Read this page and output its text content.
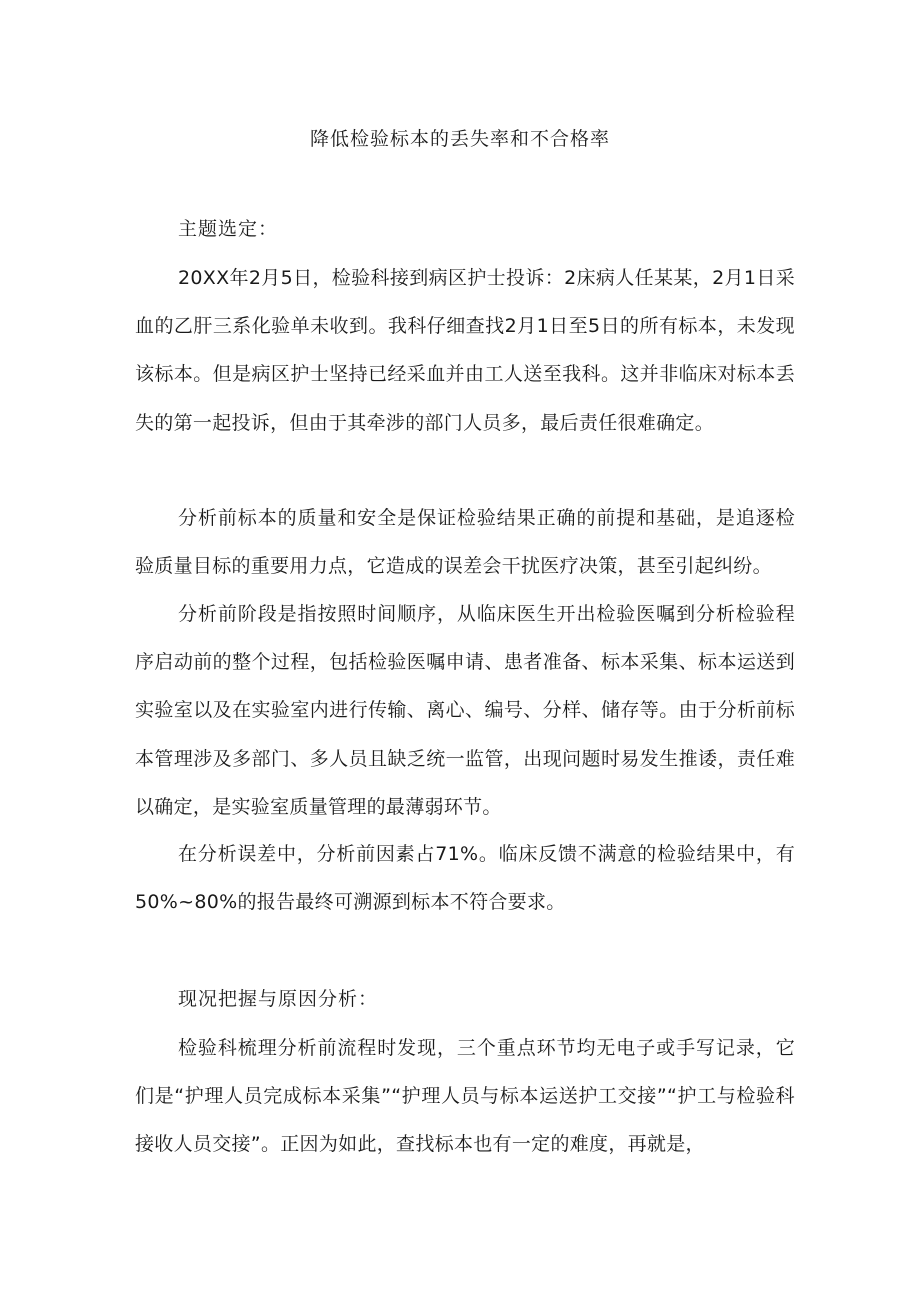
降低检验标本的丢失率和不合格率
主题选定：

20XX年2月5日，检验科接到病区护士投诉：2床病人任某某，2月1日采血的乙肝三系化验单未收到。我科仔细查找2月1日至5日的所有标本，未发现该标本。但是病区护士坚持已经采血并由工人送至我科。这并非临床对标本丢失的第一起投诉，但由于其牵涉的部门人员多，最后责任很难确定。

分析前标本的质量和安全是保证检验结果正确的前提和基础，是追逐检验质量目标的重要用力点，它造成的误差会干扰医疗决策，甚至引起纠纷。

分析前阶段是指按照时间顺序，从临床医生开出检验医嘱到分析检验程序启动前的整个过程，包括检验医嘱申请、患者准备、标本采集、标本运送到实验室以及在实验室内进行传输、离心、编号、分样、储存等。由于分析前标本管理涉及多部门、多人员且缺乏统一监管，出现问题时易发生推诿，责任难以确定，是实验室质量管理的最薄弱环节。

在分析误差中，分析前因素占71%。临床反馈不满意的检验结果中，有50%~80%的报告最终可溯源到标本不符合要求。

现况把握与原因分析：

检验科梳理分析前流程时发现，三个重点环节均无电子或手写记录，它们是“护理人员完成标本采集”“护理人员与标本运送护工交接”“护工与检验科接收人员交接”。正因为如此，查找标本也有一定的难度，再就是，
